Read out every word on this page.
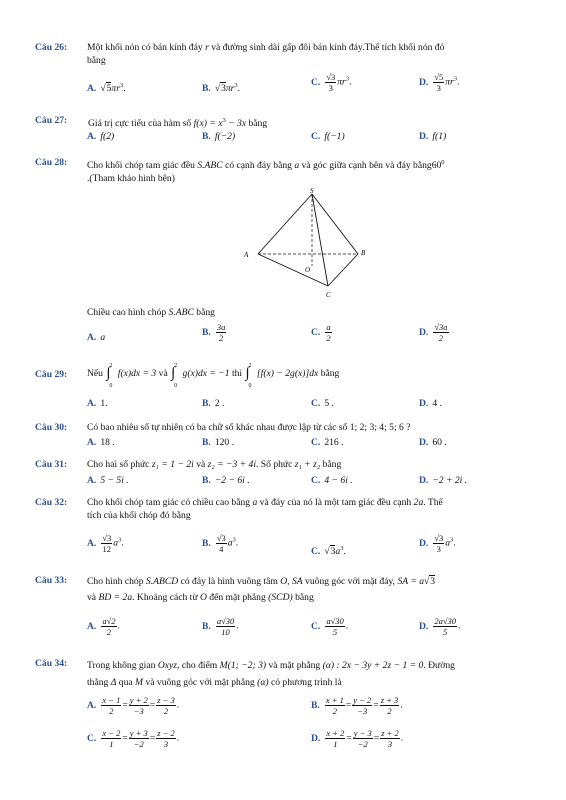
Câu 26: Một khối nón có bán kính đáy r và đường sinh dài gấp đôi bán kính đáy.Thể tích khối nón đó
bằng
A. $√5\pi r^3$.	B. $√3\pi r^3$.
C. $\frac{√3}{3} \pi r^3$.	D. $\frac{√5}{3} \pi r^3$.
Câu 27: Giá trị cực tiểu của hàm số $f(x) = x^3 - 3x$ bằng
A. f(2)	B. f(−2)	C. f(−1)	D. f(1)
Câu 28: Cho khối chóp tam giác đều S.ABC có cạnh đáy bằng a và góc giữa cạnh bên và đáy $bằng60^0$
.(Tham khảo hình bên)
S
A	B
C
O
Chiều cao hình chóp S.ABC bằng
A. a	B. $\frac{3a}{2}$	C. $\frac{a}{2}$	D. $\frac{√3a}{2}$
Câu 29: Nếu
2
∫
0
f(x)dx = 3 và
2
∫
0
g(x)dx = −1 thì
2
∫
0
[f(x) − 2g(x)]dx bằng
A. 1.	B. 2 .	C. 5 .	D. 4 .
Câu 30: Có bao nhiêu số tự nhiên có ba chữ số khác nhau được lập từ các số 1; 2; 3; 4; 5; 6 ?
A. 18 .	B. 120 .	C. 216 .	D. 60 .
Câu 31: Cho hai số phức z₁ = 1 − 2i và z₂ = −3 + 4i. Số phức z₁ + z₂ bằng
A. 5 − 5i .	B. −2 − 6i .	C. 4 − 6i .	D. −2 + 2i .
Câu 32: Cho khối chóp tam giác có chiều cao bằng a và đáy của nó là một tam giác đều cạnh 2a. Thể
tích của khối chóp đó bằng
A. $\frac{√3}{12} a^3$.	B. $\frac{√3}{4} a^3$.
C. $√3a^3$.
D. $\frac{√3}{3} a^3$.
Câu 33: Cho hình chóp S.ABCD có đáy là hình vuông tâm O, SA vuông góc với mặt đáy, SA = a√3
và BD = 2a. Khoảng cách từ O đến mặt phẳng (SCD) bằng
A. $\frac{a√2}{2}$ .	B. $\frac{a√30}{10}$ .	C. $\frac{a√30}{5}$ .	D. $\frac{2a√30}{5}$ .
Câu 34: Trong không gian Oxyz, cho điểm M(1; −2; 3) và mặt phẳng (α) : 2x − 3y + 2z − 1 = 0. Đường
thẳng Δ qua M và vuông góc với mặt phẳng (α) có phương trình là
A. $\frac{x - 1}{2} = \frac{y + 2}{-3} = \frac{z - 3}{2}$ .	B. $\frac{x + 1}{2} = \frac{y - 2}{-3} = \frac{z + 3}{2}$ .
C. $\frac{x - 2}{1} = \frac{y + 3}{-2} = \frac{z - 2}{3}$ .	D. $\frac{x + 2}{1} = \frac{y - 3}{-2} = \frac{z + 2}{3}$ .
